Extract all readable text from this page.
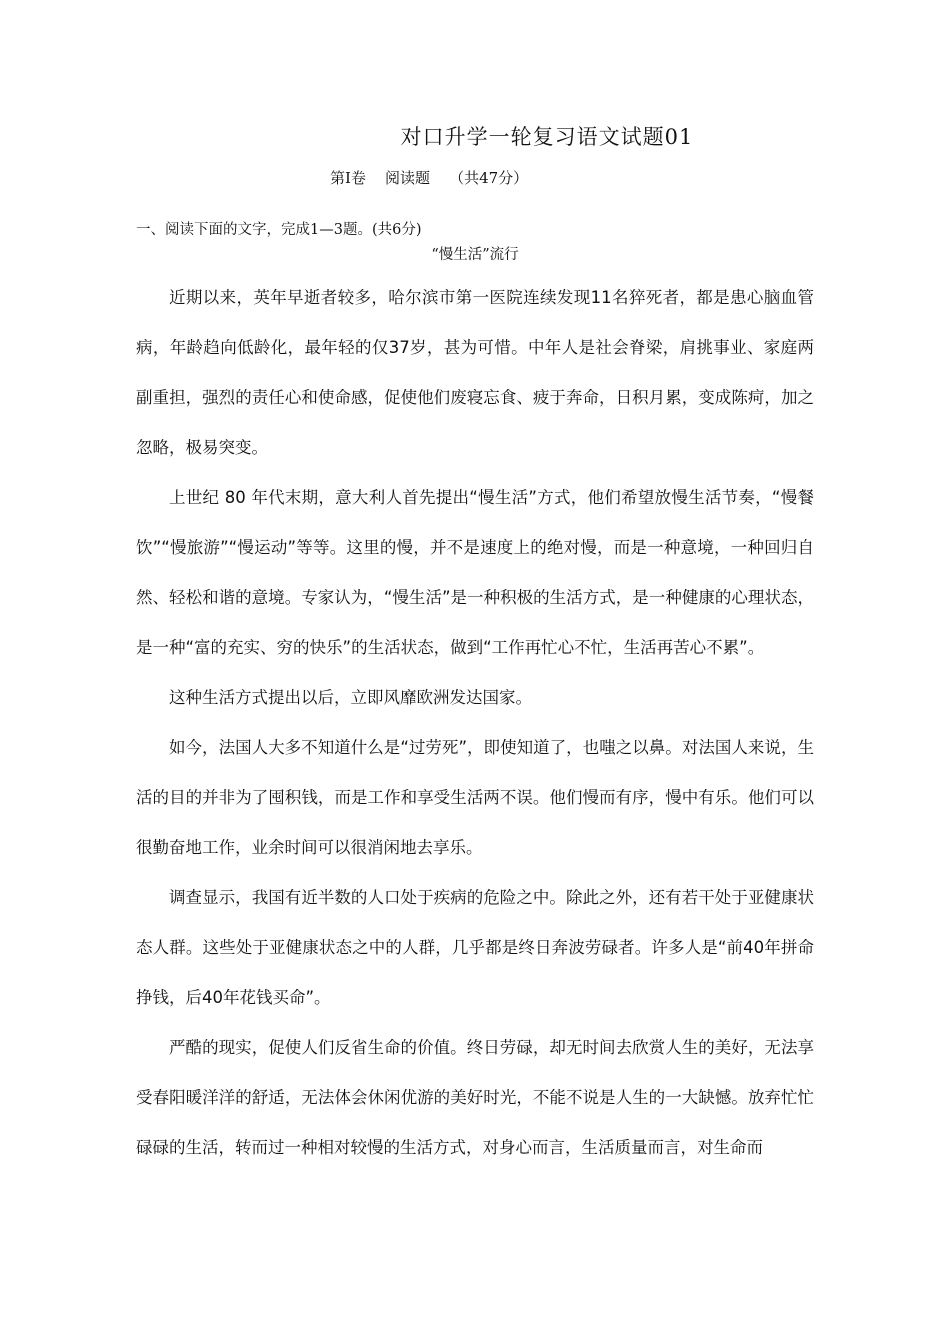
对口升学一轮复习语文试题01
第Ⅰ卷    阅读题    （共47分）
一、阅读下面的文字，完成1—3题。(共6分)
“慢生活”流行

近期以来，英年早逝者较多，哈尔滨市第一医院连续发现11名猝死者，都是患心脑血管病，年龄趋向低龄化，最年轻的仅37岁，甚为可惜。中年人是社会脊梁，肩挑事业、家庭两副重担，强烈的责任心和使命感，促使他们废寝忘食、疲于奔命，日积月累，变成陈疴，加之忽略，极易突变。

上世纪 80 年代末期，意大利人首先提出“慢生活”方式，他们希望放慢生活节奏，“慢餐饮”“慢旅游”“慢运动”等等。这里的慢，并不是速度上的绝对慢，而是一种意境，一种回归自然、轻松和谐的意境。专家认为，“慢生活”是一种积极的生活方式，是一种健康的心理状态，是一种“富的充实、穷的快乐”的生活状态，做到“工作再忙心不忙，生活再苦心不累”。

这种生活方式提出以后，立即风靡欧洲发达国家。

如今，法国人大多不知道什么是“过劳死”，即使知道了，也嗤之以鼻。对法国人来说，生活的目的并非为了囤积钱，而是工作和享受生活两不误。他们慢而有序，慢中有乐。他们可以很勤奋地工作，业余时间可以很消闲地去享乐。

调查显示，我国有近半数的人口处于疾病的危险之中。除此之外，还有若干处于亚健康状态人群。这些处于亚健康状态之中的人群，几乎都是终日奔波劳碌者。许多人是“前40年拼命挣钱，后40年花钱买命”。

严酷的现实，促使人们反省生命的价值。终日劳碌，却无时间去欣赏人生的美好，无法享受春阳暖洋洋的舒适，无法体会休闲优游的美好时光，不能不说是人生的一大缺憾。放弃忙忙碌碌的生活，转而过一种相对较慢的生活方式，对身心而言，生活质量而言，对生命而
